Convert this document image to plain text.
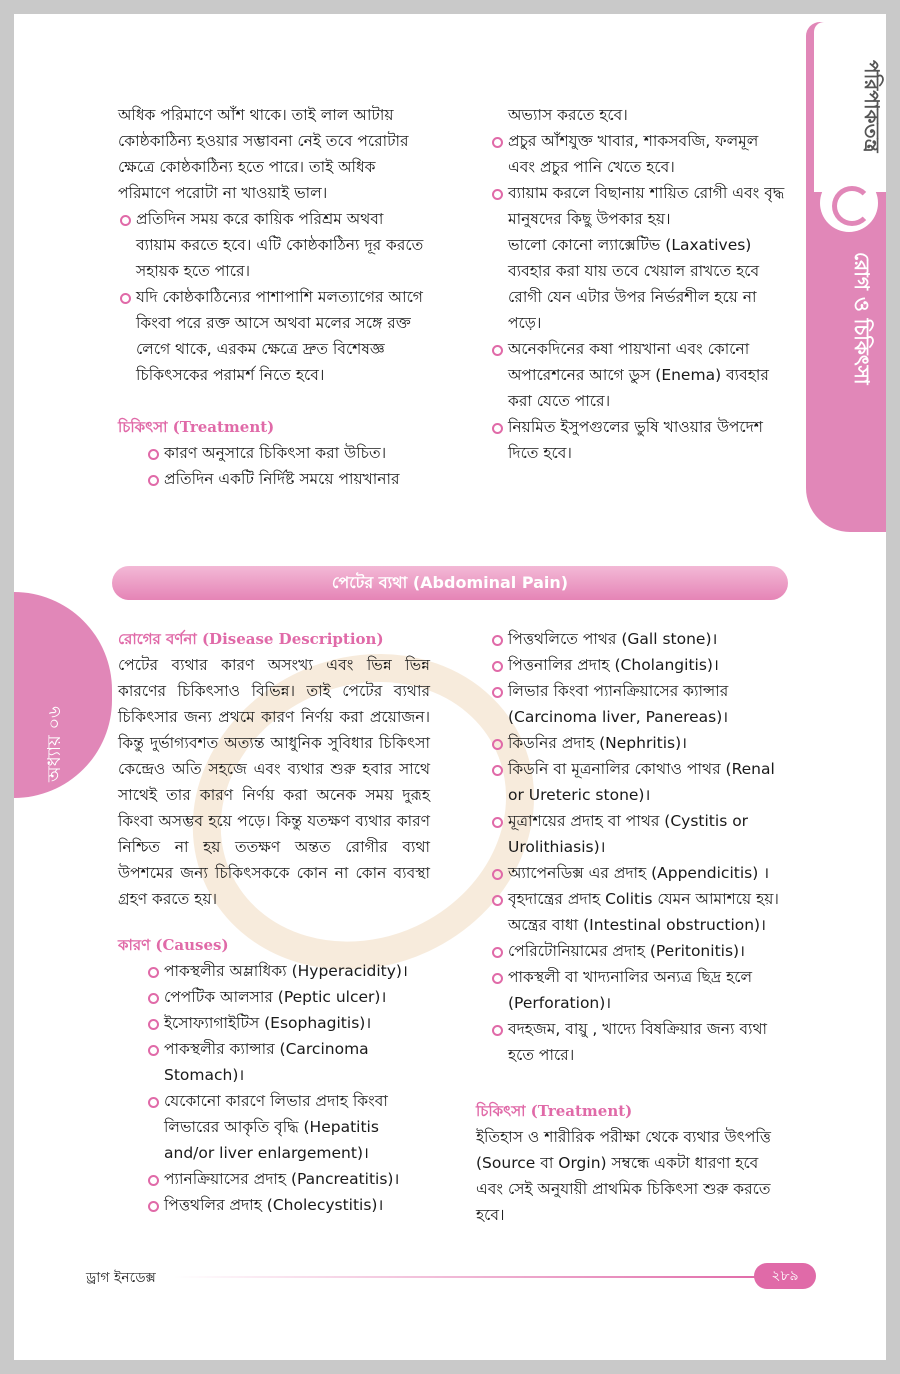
পরিপাকতন্ত্র
রোগ ও চিকিৎসা
অধ্যায় ০৬

অধিক পরিমাণে আঁশ থাকে। তাই লাল আটায়
কোষ্ঠকাঠিন্য হওয়ার সম্ভাবনা নেই তবে পরোটার
ক্ষেত্রে কোষ্ঠকাঠিন্য হতে পারে। তাই অধিক
পরিমাণে পরোটা না খাওয়াই ভাল।

প্রতিদিন সময় করে কায়িক পরিশ্রম অথবা ব্যায়াম করতে হবে। এটি কোষ্ঠকাঠিন্য দূর করতে সহায়ক হতে পারে।

যদি কোষ্ঠকাঠিন্যের পাশাপাশি মলত্যাগের আগে কিংবা পরে রক্ত আসে অথবা মলের সঙ্গে রক্ত লেগে থাকে, এরকম ক্ষেত্রে দ্রুত বিশেষজ্ঞ চিকিৎসকের পরামর্শ নিতে হবে।

চিকিৎসা (Treatment)

কারণ অনুসারে চিকিৎসা করা উচিত।

প্রতিদিন একটি নির্দিষ্ট সময়ে পায়খানার

অভ্যাস করতে হবে।

প্রচুর আঁশযুক্ত খাবার, শাকসবজি, ফলমূল এবং প্রচুর পানি খেতে হবে।

ব্যায়াম করলে বিছানায় শায়িত রোগী এবং বৃদ্ধ মানুষদের কিছু উপকার হয়।

ভালো কোনো ল্যাক্সেটিভ (Laxatives) ব্যবহার করা যায় তবে খেয়াল রাখতে হবে রোগী যেন এটার উপর নির্ভরশীল হয়ে না পড়ে।

অনেকদিনের কষা পায়খানা এবং কোনো অপারেশনের আগে ডুস (Enema) ব্যবহার করা যেতে পারে।

নিয়মিত ইসুপগুলের ভুষি খাওয়ার উপদেশ দিতে হবে।

পেটের ব্যথা (Abdominal Pain)

রোগের বর্ণনা (Disease Description)

পেটের ব্যথার কারণ অসংখ্য এবং ভিন্ন ভিন্ন কারণের চিকিৎসাও বিভিন্ন। তাই পেটের ব্যথার চিকিৎসার জন্য প্রথমে কারণ নির্ণয় করা প্রয়োজন। কিন্তু দুর্ভাগ্যবশত অত্যন্ত আধুনিক সুবিধার চিকিৎসা কেন্দ্রেও অতি সহজে এবং ব্যথার শুরু হবার সাথে সাথেই তার কারণ নির্ণয় করা অনেক সময় দুরূহ কিংবা অসম্ভব হয়ে পড়ে। কিন্তু যতক্ষণ ব্যথার কারণ নিশ্চিত না হয় ততক্ষণ অন্তত রোগীর ব্যথা উপশমের জন্য চিকিৎসককে কোন না কোন ব্যবস্থা গ্রহণ করতে হয়।

কারণ (Causes)

পাকস্থলীর অম্লাধিক্য (Hyperacidity)।

পেপটিক আলসার (Peptic ulcer)।

ইসোফ্যাগাইটিস (Esophagitis)।

পাকস্থলীর ক্যান্সার (Carcinoma Stomach)।

যেকোনো কারণে লিভার প্রদাহ কিংবা লিভারের আকৃতি বৃদ্ধি (Hepatitis and/or liver enlargement)।

প্যানক্রিয়াসের প্রদাহ (Pancreatitis)।

পিত্তথলির প্রদাহ (Cholecystitis)।

পিত্তথলিতে পাথর (Gall stone)।

পিত্তনালির প্রদাহ (Cholangitis)।

লিভার কিংবা প্যানক্রিয়াসের ক্যান্সার (Carcinoma liver, Panereas)।

কিডনির প্রদাহ (Nephritis)।

কিডনি বা মূত্রনালির কোথাও পাথর (Renal or Ureteric stone)।

মূত্রাশয়ের প্রদাহ বা পাথর (Cystitis or Urolithiasis)।

অ্যাপেনডিক্স এর প্রদাহ (Appendicitis) ।

বৃহদান্ত্রের প্রদাহ Colitis যেমন আমাশয়ে হয়। অন্ত্রের বাধা (Intestinal obstruction)।

পেরিটোনিয়ামের প্রদাহ (Peritonitis)।

পাকস্থলী বা খাদ্যনালির অন্যত্র ছিদ্র হলে (Perforation)।

বদহজম, বায়ু , খাদ্যে বিষক্রিয়ার জন্য ব্যথা হতে পারে।

চিকিৎসা (Treatment)

ইতিহাস ও শারীরিক পরীক্ষা থেকে ব্যথার উৎপত্তি (Source বা Orgin) সম্বন্ধে একটা ধারণা হবে এবং সেই অনুযায়ী প্রাথমিক চিকিৎসা শুরু করতে হবে।

ড্রাগ ইনডেক্স	২৮৯
